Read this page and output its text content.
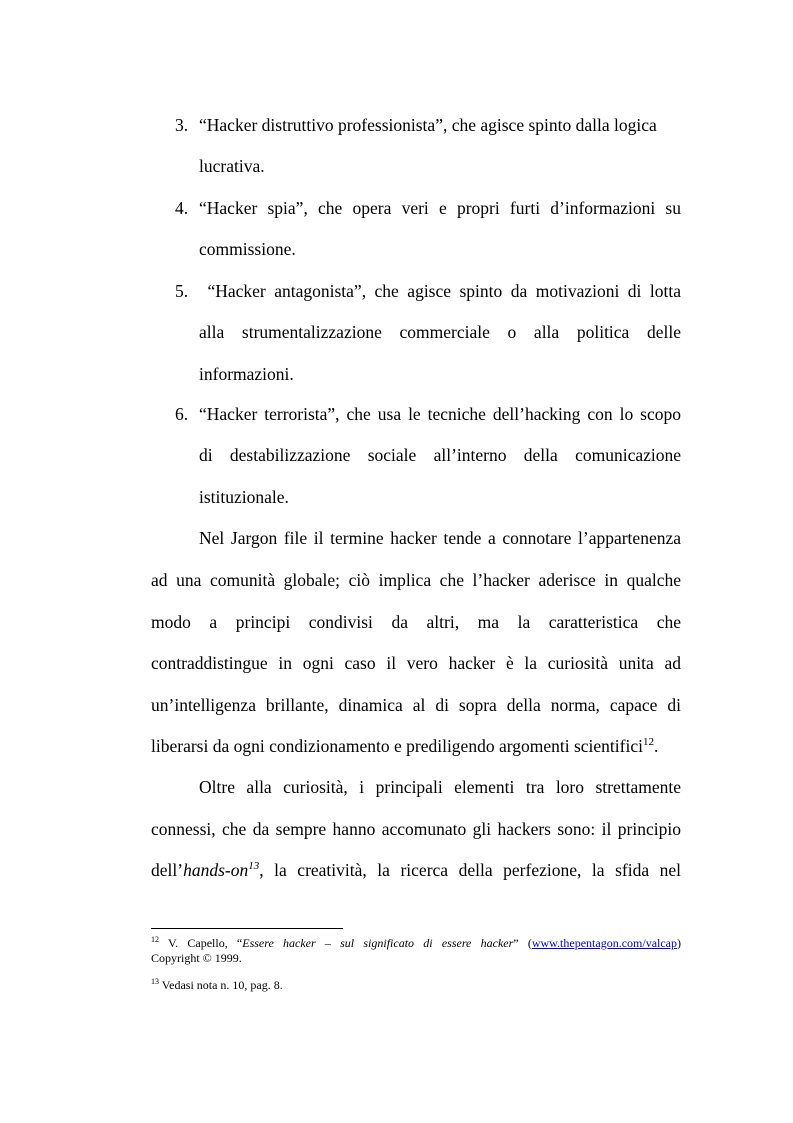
3. “Hacker distruttivo professionista”, che agisce spinto dalla logica
lucrativa.
4. “Hacker spia”, che opera veri e propri furti d’informazioni su
commissione.
5. “Hacker antagonista”, che agisce spinto da motivazioni di lotta
alla strumentalizzazione commerciale o alla politica delle
informazioni.
6. “Hacker terrorista”, che usa le tecniche dell’hacking con lo scopo
di destabilizzazione sociale all’interno della comunicazione
istituzionale.
Nel Jargon file il termine hacker tende a connotare l’appartenenza
ad una comunità globale; ciò implica che l’hacker aderisce in qualche
modo a principi condivisi da altri, ma la caratteristica che
contraddistingue in ogni caso il vero hacker è la curiosità unita ad
un’intelligenza brillante, dinamica al di sopra della norma, capace di
liberarsi da ogni condizionamento e prediligendo argomenti scientifici$^{12}$.
Oltre alla curiosità, i principali elementi tra loro strettamente
connessi, che da sempre hanno accomunato gli hackers sono: il principio
$dell’hands-on^{13}$, la creatività, la ricerca della perfezione, la sfida nel
$^{12}$ V. Capello, “Essere hacker – sul significato di essere hacker” (www.thepentagon.com/valcap)
Copyright © 1999.
$^{13}$ Vedasi nota n. 10, pag. 8.
